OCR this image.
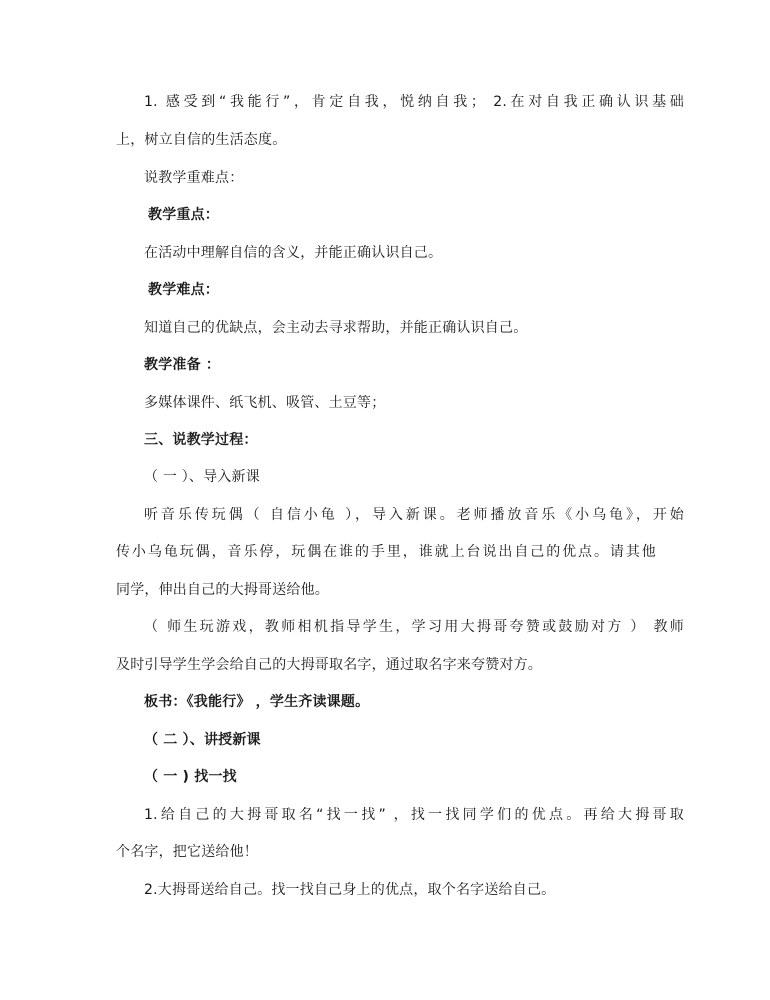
1. 感受到“我能行”，肯定自我，悦纳自我； 2.在对自我正确认识基础
上，树立自信的生活态度。
说教学重难点：
教学重点：
在活动中理解自信的含义，并能正确认识自己。
教学难点：
知道自己的优缺点，会主动去寻求帮助，并能正确认识自己。
教学准备 ：
多媒体课件、纸飞机、吸管、土豆等；
三、说教学过程：
（ 一 ）、导入新课
听音乐传玩偶（ 自信小龟 ），导入新课。老师播放音乐《小乌龟》，开始
传小乌龟玩偶，音乐停，玩偶在谁的手里，谁就上台说出自己的优点。请其他
同学，伸出自己的大拇哥送给他。
（ 师生玩游戏，教师相机指导学生，学习用大拇哥夸赞或鼓励对方 ） 教师
及时引导学生学会给自己的大拇哥取名字，通过取名字来夸赞对方。
板书：《我能行》 ，学生齐读课题。
（ 二 ）、讲授新课
（ 一 ) 找一找
1.给自己的大拇哥取名“找一找” ，找一找同学们的优点。再给大拇哥取
个名字，把它送给他！
2.大拇哥送给自己。找一找自己身上的优点，取个名字送给自己。
